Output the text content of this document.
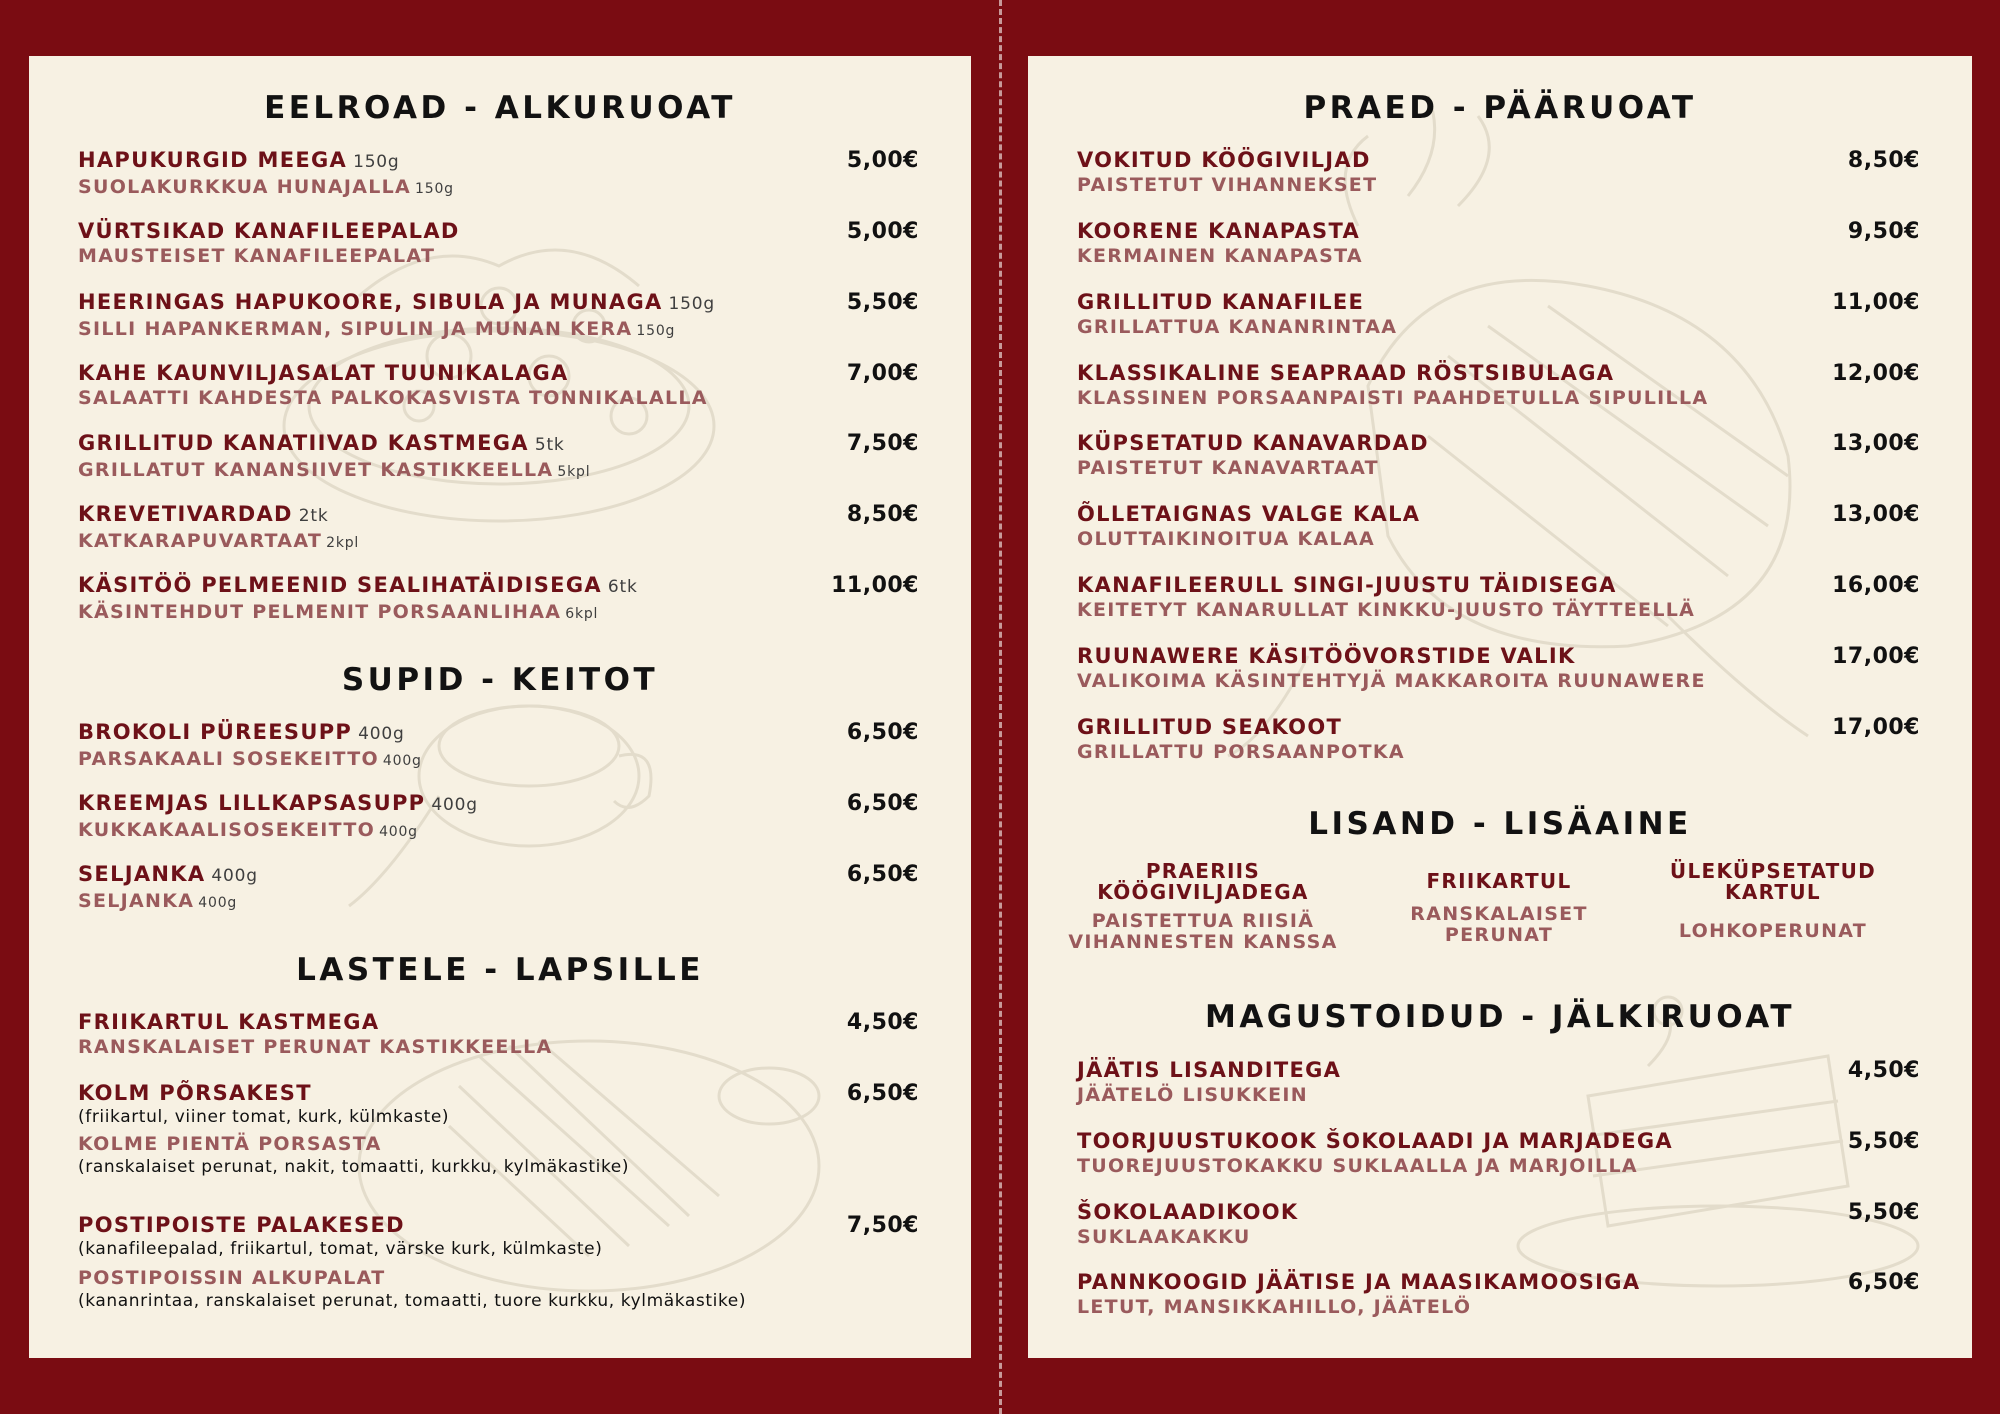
EELROAD - ALKURUOAT
HAPUKURGID MEEGA 150g
SUOLAKURKKUA HUNAJALLA 150g
5,00€
VÜRTSIKAD KANAFILEEPALAD
MAUSTEISET KANAFILEEPALAT
5,00€
HEERINGAS HAPUKOORE, SIBULA JA MUNAGA 150g
SILLI HAPANKERMAN, SIPULIN JA MUNAN KERA 150g
5,50€
KAHE KAUNVILJASALAT TUUNIKALAGA
SALAATTI KAHDESTA PALKOKASVISTA TONNIKALALLA
7,00€
GRILLITUD KANATIIVAD KASTMEGA 5tk
GRILLATUT KANANSIIVET KASTIKKEELLA 5kpl
7,50€
KREVETIVARDAD 2tk
KATKARAPUVARTAAT 2kpl
8,50€
KÄSITÖÖ PELMEENID SEALIHATÄIDISEGA 6tk
KÄSINTEHDUT PELMENIT PORSAANLIHAA 6kpl
11,00€
SUPID - KEITOT
BROKOLI PÜREESUPP 400g
PARSAKAALI SOSEKEITTO 400g
6,50€
KREEMJAS LILLKAPSASUPP 400g
KUKKAKAALISOSEKEITTO 400g
6,50€
SELJANKA 400g
SELJANKA 400g
6,50€
LASTELE - LAPSILLE
FRIIKARTUL KASTMEGA
RANSKALAISET PERUNAT KASTIKKEELLA
4,50€
KOLM PÕRSAKEST
(friikartul, viiner tomat, kurk, külmkaste)
KOLME PIENTÄ PORSASTA
(ranskalaiset perunat, nakit, tomaatti, kurkku, kylmäkastike)
6,50€
POSTIPOISTE PALAKESED
(kanafileepalad, friikartul, tomat, värske kurk, külmkaste)
POSTIPOISSIN ALKUPALAT
(kananrintaa, ranskalaiset perunat, tomaatti, tuore kurkku, kylmäkastike)
7,50€
PRAED - PÄÄRUOAT
VOKITUD KÖÖGIVILJAD
PAISTETUT VIHANNEKSET
8,50€
KOORENE KANAPASTA
KERMAINEN KANAPASTA
9,50€
GRILLITUD KANAFILEE
GRILLATTUA KANANRINTAA
11,00€
KLASSIKALINE SEAPRAAD RÖSTSIBULAGA
KLASSINEN PORSAANPAISTI PAAHDETULLA SIPULILLA
12,00€
KÜPSETATUD KANAVARDAD
PAISTETUT KANAVARTAAT
13,00€
ÕLLETAIGNAS VALGE KALA
OLUTTAIKINOITUA KALAA
13,00€
KANAFILEERULL SINGI-JUUSTU TÄIDISEGA
KEITETYT KANARULLAT KINKKU-JUUSTO TÄYTTEELLÄ
16,00€
RUUNAWERE KÄSITÖÖVORSTIDE VALIK
VALIKOIMA KÄSINTEHTYJÄ MAKKAROITA RUUNAWERE
17,00€
GRILLITUD SEAKOOT
GRILLATTU PORSAANPOTKA
17,00€
LISAND - LISÄAINE
PRAERIIS
KÖÖGIVILJADEGA
PAISTETTUA RIISIÄ
VIHANNESTEN KANSSA
FRIIKARTUL
RANSKALAISET
PERUNAT
ÜLEKÜPSETATUD
KARTUL
LOHKOPERUNAT
MAGUSTOIDUD - JÄLKIRUOAT
JÄÄTIS LISANDITEGA
JÄÄTELÖ LISUKKEIN
4,50€
TOORJUUSTUKOOK ŠOKOLAADI JA MARJADEGA
TUOREJUUSTOKAKKU SUKLAALLA JA MARJOILLA
5,50€
ŠOKOLAADIKOOK
SUKLAAKAKKU
5,50€
PANNKOOGID JÄÄTISE JA MAASIKAMOOSIGA
LETUT, MANSIKKAHILLO, JÄÄTELÖ
6,50€
